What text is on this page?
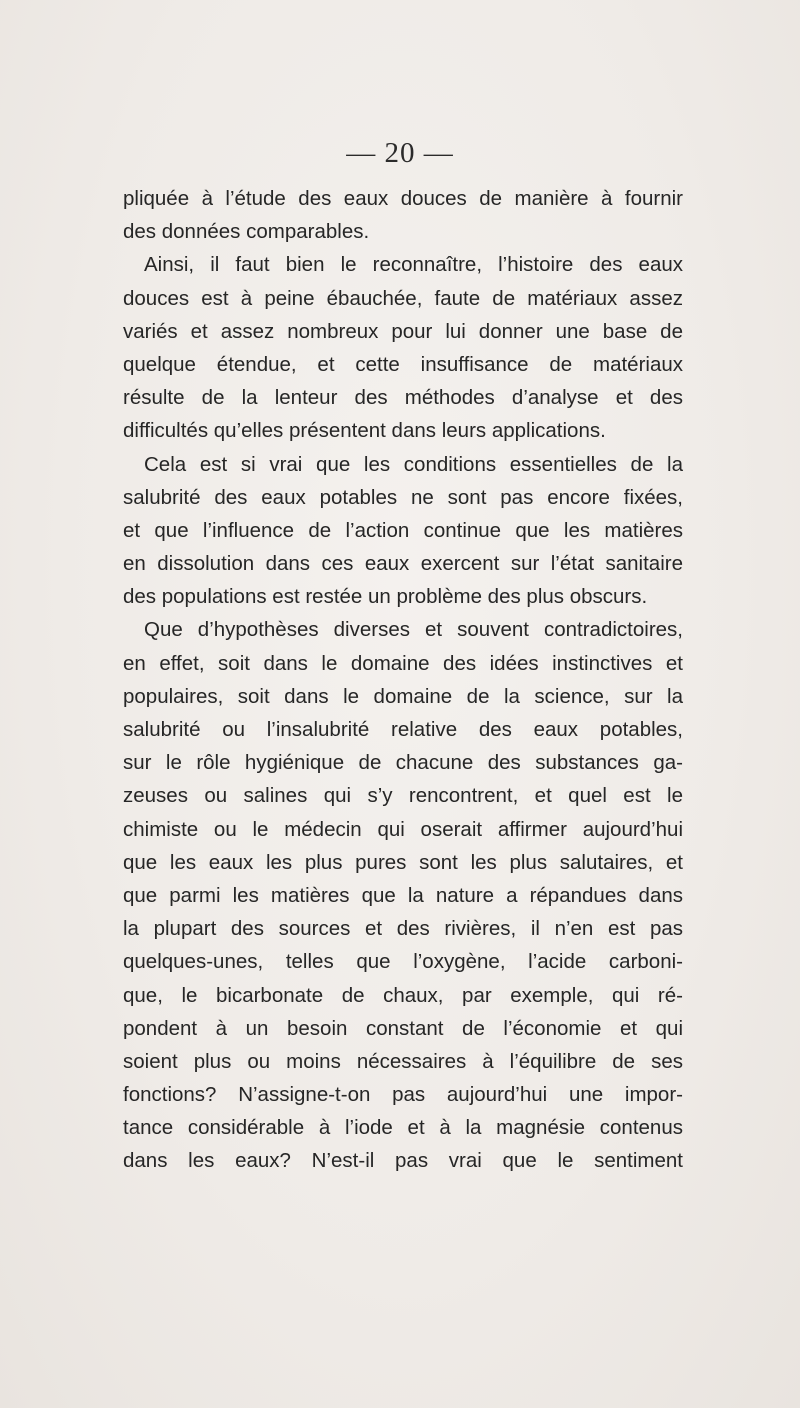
— 20 —
pliquée à l’étude des eaux douces de manière à fournir
des données comparables.
Ainsi, il faut bien le reconnaître, l’histoire des eaux
douces est à peine ébauchée, faute de matériaux assez
variés et assez nombreux pour lui donner une base de
quelque étendue, et cette insuffisance de matériaux
résulte de la lenteur des méthodes d’analyse et des
difficultés qu’elles présentent dans leurs applications.
Cela est si vrai que les conditions essentielles de la
salubrité des eaux potables ne sont pas encore fixées,
et que l’influence de l’action continue que les matières
en dissolution dans ces eaux exercent sur l’état sanitaire
des populations est restée un problème des plus obscurs.
Que d’hypothèses diverses et souvent contradictoires,
en effet, soit dans le domaine des idées instinctives et
populaires, soit dans le domaine de la science, sur la
salubrité ou l’insalubrité relative des eaux potables,
sur le rôle hygiénique de chacune des substances ga-
zeuses ou salines qui s’y rencontrent, et quel est le
chimiste ou le médecin qui oserait affirmer aujourd’hui
que les eaux les plus pures sont les plus salutaires, et
que parmi les matières que la nature a répandues dans
la plupart des sources et des rivières, il n’en est pas
quelques-unes, telles que l’oxygène, l’acide carboni-
que, le bicarbonate de chaux, par exemple, qui ré-
pondent à un besoin constant de l’économie et qui
soient plus ou moins nécessaires à l’équilibre de ses
fonctions? N’assigne-t-on pas aujourd’hui une impor-
tance considérable à l’iode et à la magnésie contenus
dans les eaux? N’est-il pas vrai que le sentiment
